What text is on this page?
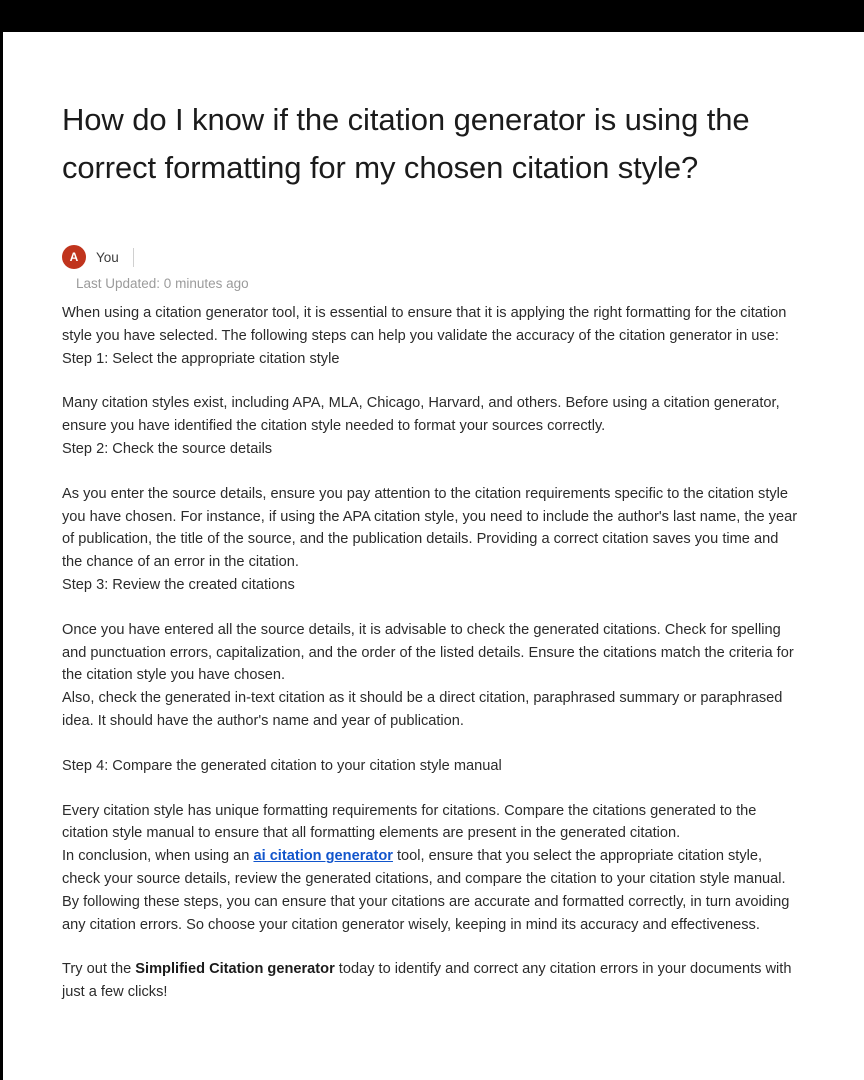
How do I know if the citation generator is using the correct formatting for my chosen citation style?
A	You
Last Updated: 0 minutes ago

When using a citation generator tool, it is essential to ensure that it is applying the right formatting for the citation style you have selected. The following steps can help you validate the accuracy of the citation generator in use:

Step 1: Select the appropriate citation style

Many citation styles exist, including APA, MLA, Chicago, Harvard, and others. Before using a citation generator, ensure you have identified the citation style needed to format your sources correctly.

Step 2: Check the source details

As you enter the source details, ensure you pay attention to the citation requirements specific to the citation style you have chosen. For instance, if using the APA citation style, you need to include the author's last name, the year of publication, the title of the source, and the publication details. Providing a correct citation saves you time and the chance of an error in the citation.

Step 3: Review the created citations

Once you have entered all the source details, it is advisable to check the generated citations. Check for spelling and punctuation errors, capitalization, and the order of the listed details. Ensure the citations match the criteria for the citation style you have chosen.

Also, check the generated in-text citation as it should be a direct citation, paraphrased summary or paraphrased idea. It should have the author's name and year of publication.

Step 4: Compare the generated citation to your citation style manual

Every citation style has unique formatting requirements for citations. Compare the citations generated to the citation style manual to ensure that all formatting elements are present in the generated citation.

In conclusion, when using an ai citation generator tool, ensure that you select the appropriate citation style, check your source details, review the generated citations, and compare the citation to your citation style manual. By following these steps, you can ensure that your citations are accurate and formatted correctly, in turn avoiding any citation errors. So choose your citation generator wisely, keeping in mind its accuracy and effectiveness.

Try out the Simplified Citation generator today to identify and correct any citation errors in your documents with just a few clicks!
